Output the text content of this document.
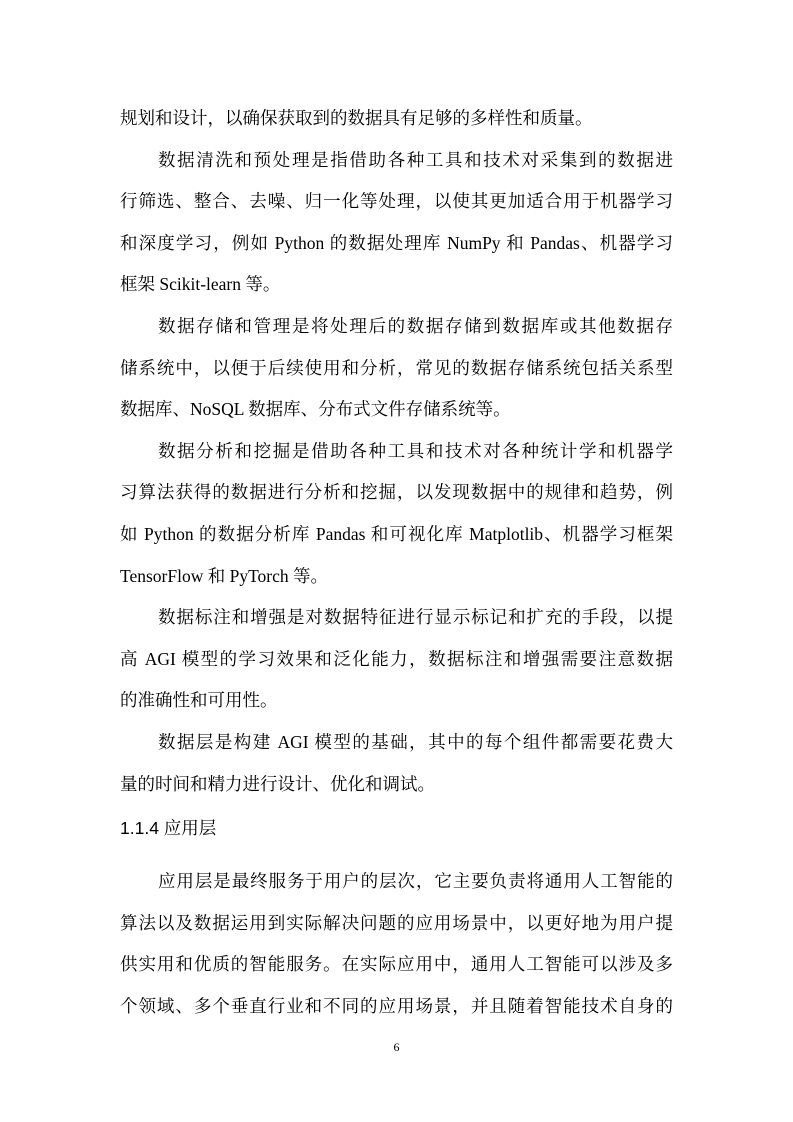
规划和设计，以确保获取到的数据具有足够的多样性和质量。
数据清洗和预处理是指借助各种工具和技术对采集到的数据进
行筛选、整合、去噪、归一化等处理，以使其更加适合用于机器学习
和深度学习，例如 Python 的数据处理库 NumPy 和 Pandas、机器学习
框架 Scikit-learn 等。
数据存储和管理是将处理后的数据存储到数据库或其他数据存
储系统中，以便于后续使用和分析，常见的数据存储系统包括关系型
数据库、NoSQL 数据库、分布式文件存储系统等。
数据分析和挖掘是借助各种工具和技术对各种统计学和机器学
习算法获得的数据进行分析和挖掘，以发现数据中的规律和趋势，例
如 Python 的数据分析库 Pandas 和可视化库 Matplotlib、机器学习框架
TensorFlow 和 PyTorch 等。
数据标注和增强是对数据特征进行显示标记和扩充的手段，以提
高 AGI 模型的学习效果和泛化能力，数据标注和增强需要注意数据
的准确性和可用性。
数据层是构建 AGI 模型的基础，其中的每个组件都需要花费大
量的时间和精力进行设计、优化和调试。
1.1.4 应用层
应用层是最终服务于用户的层次，它主要负责将通用人工智能的
算法以及数据运用到实际解决问题的应用场景中，以更好地为用户提
供实用和优质的智能服务。在实际应用中，通用人工智能可以涉及多
个领域、多个垂直行业和不同的应用场景，并且随着智能技术自身的
6
